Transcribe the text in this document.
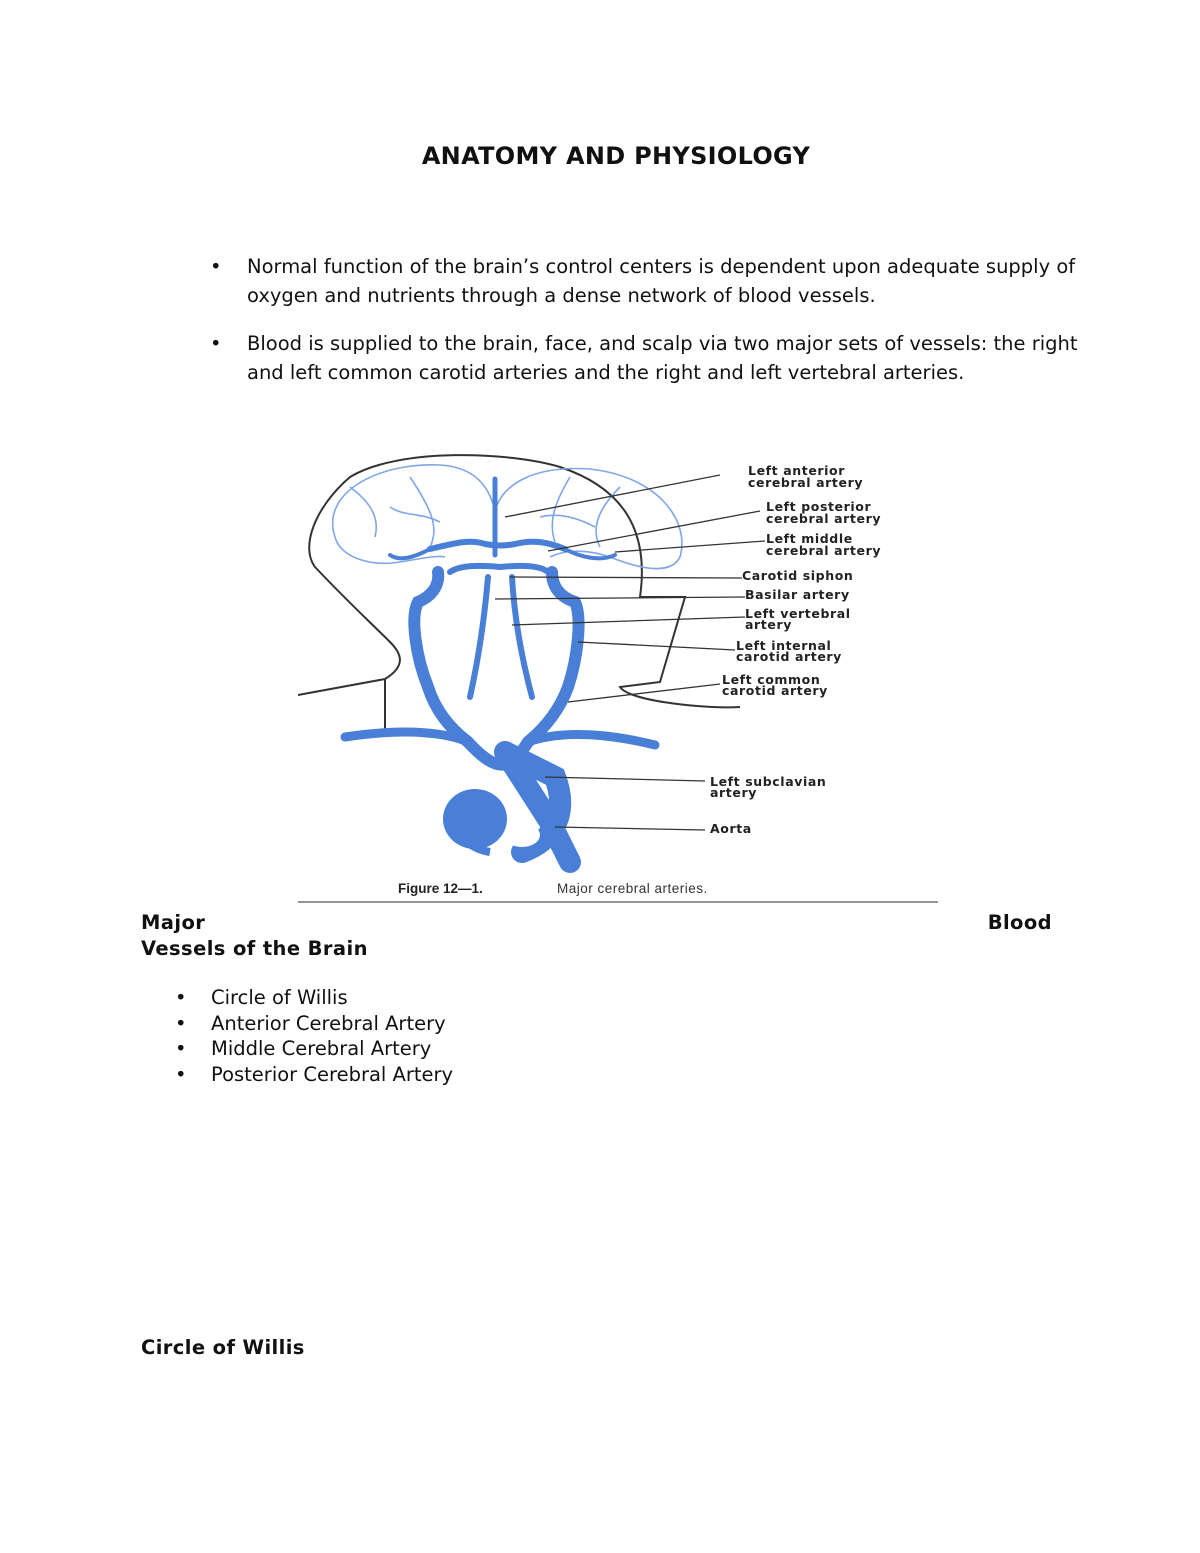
ANATOMY AND PHYSIOLOGY
• Normal function of the brain’s control centers is dependent upon adequate supply of oxygen and nutrients through a dense network of blood vessels.
• Blood is supplied to the brain, face, and scalp via two major sets of vessels: the right and left common carotid arteries and the right and left vertebral arteries.
Left anterior
cerebral artery
Left posterior
cerebral artery
Left middle
cerebral artery
Carotid siphon
Basilar artery
Left vertebral
artery
Left internal
carotid artery
Left common
carotid artery
Left subclavian
artery
Aorta
Figure 12—1.	Major cerebral arteries.
Major	Blood
Vessels of the Brain
• Circle of Willis
• Anterior Cerebral Artery
• Middle Cerebral Artery
• Posterior Cerebral Artery
Circle of Willis
